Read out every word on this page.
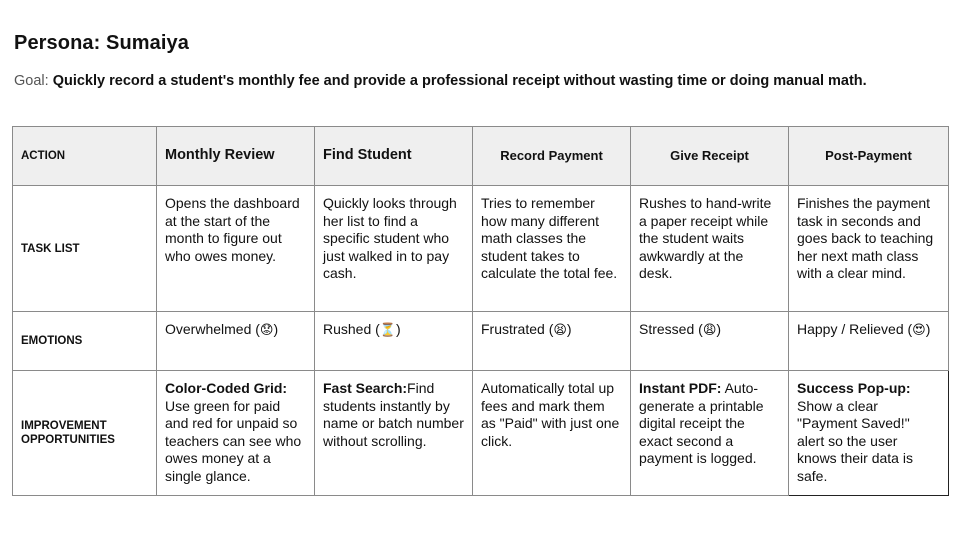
Persona: Sumaiya
Goal: Quickly record a student's monthly fee and provide a professional receipt without wasting time or doing manual math.
ACTION	Monthly Review	Find Student	Record Payment	Give Receipt	Post-Payment
TASK LIST	Opens the dashboard at the start of the month to figure out who owes money.	Quickly looks through her list to find a specific student who just walked in to pay cash.	Tries to remember how many different math classes the student takes to calculate the total fee.	Rushes to hand-write a paper receipt while the student waits awkwardly at the desk.	Finishes the payment task in seconds and goes back to teaching her next math class with a clear mind.
EMOTIONS	Overwhelmed (😟)	Rushed (⏳)	Frustrated (😫)	Stressed (😩)	Happy / Relieved (😍)
IMPROVEMENT OPPORTUNITIES	Color-Coded Grid: Use green for paid and red for unpaid so teachers can see who owes money at a single glance.	Fast Search:Find students instantly by name or batch number without scrolling.	Automatically total up fees and mark them as "Paid" with just one click.	Instant PDF: Auto-generate a printable digital receipt the exact second a payment is logged.	Success Pop-up: Show a clear "Payment Saved!" alert so the user knows their data is safe.
